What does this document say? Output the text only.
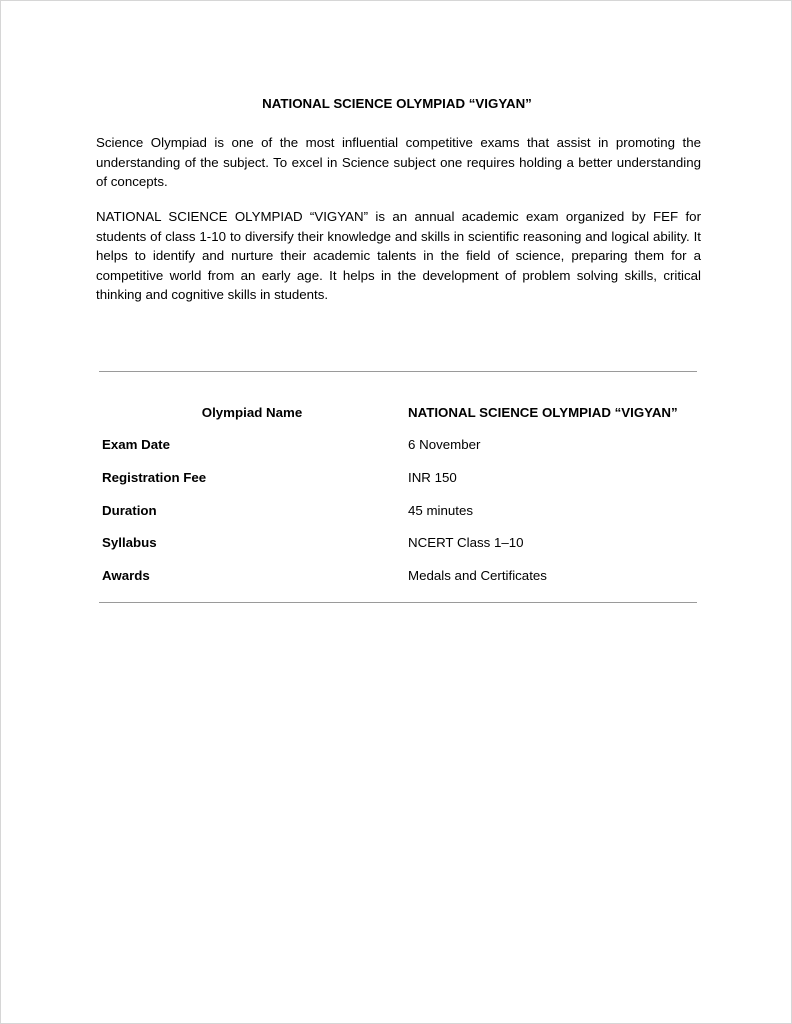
NATIONAL SCIENCE OLYMPIAD “VIGYAN”

Science Olympiad is one of the most influential competitive exams that assist in promoting the understanding of the subject. To excel in Science subject one requires holding a better understanding of concepts.

NATIONAL SCIENCE OLYMPIAD “VIGYAN” is an annual academic exam organized by FEF for students of class 1-10 to diversify their knowledge and skills in scientific reasoning and logical ability. It helps to identify and nurture their academic talents in the field of science, preparing them for a competitive world from an early age. It helps in the development of problem solving skills, critical thinking and cognitive skills in students.

Olympiad Name	NATIONAL SCIENCE OLYMPIAD “VIGYAN”
Exam Date	6 November
Registration Fee	INR 150
Duration	45 minutes
Syllabus	NCERT Class 1–10
Awards	Medals and Certificates
